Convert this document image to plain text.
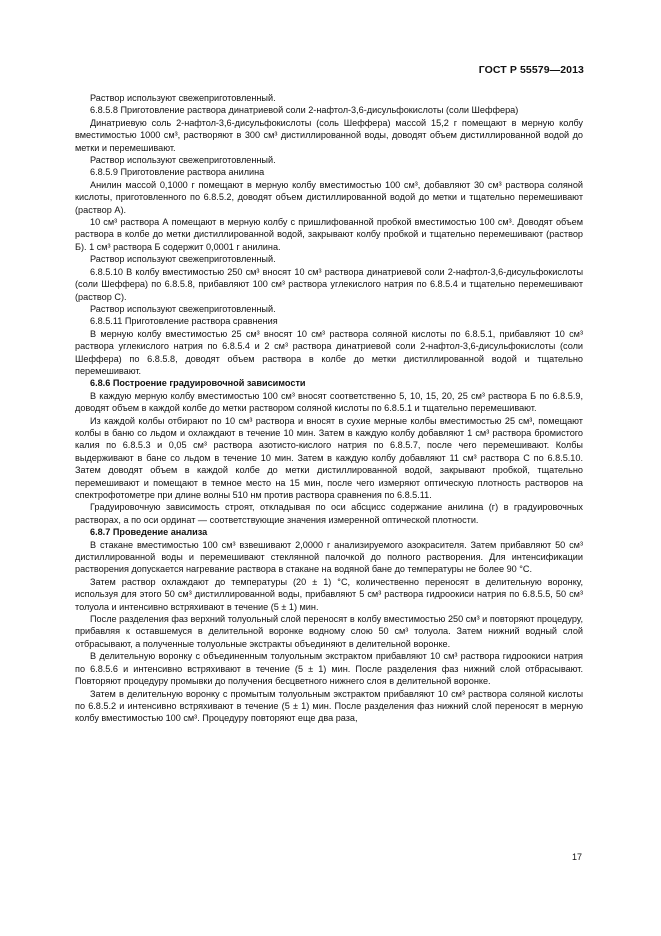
ГОСТ Р 55579—2013

Раствор используют свежеприготовленный.

6.8.5.8 Приготовление раствора динатриевой соли 2-нафтол-3,6-дисульфокислоты (соли Шеффера)

Динатриевую соль 2-нафтол-3,6-дисульфокислоты (соль Шеффера) массой 15,2 г помещают в мерную колбу вместимостью 1000 см³, растворяют в 300 см³ дистиллированной воды, доводят объем дистиллированной водой до метки и перемешивают.

Раствор используют свежеприготовленный.

6.8.5.9 Приготовление раствора анилина

Анилин массой 0,1000 г помещают в мерную колбу вместимостью 100 см³, добавляют 30 см³ раствора соляной кислоты, приготовленного по 6.8.5.2, доводят объем дистиллированной водой до метки и тщательно перемешивают (раствор А).

10 см³ раствора А помещают в мерную колбу с пришлифованной пробкой вместимостью 100 см³. Доводят объем раствора в колбе до метки дистиллированной водой, закрывают колбу пробкой и тщательно перемешивают (раствор Б). 1 см³ раствора Б содержит 0,0001 г анилина.

Раствор используют свежеприготовленный.

6.8.5.10 В колбу вместимостью 250 см³ вносят 10 см³ раствора динатриевой соли 2-нафтол-3,6-дисульфокислоты (соли Шеффера) по 6.8.5.8, прибавляют 100 см³ раствора углекислого натрия по 6.8.5.4 и тщательно перемешивают (раствор С).

Раствор используют свежеприготовленный.

6.8.5.11 Приготовление раствора сравнения

В мерную колбу вместимостью 25 см³ вносят 10 см³ раствора соляной кислоты по 6.8.5.1, прибавляют 10 см³ раствора углекислого натрия по 6.8.5.4 и 2 см³ раствора динатриевой соли 2-нафтол-3,6-дисульфокислоты (соли Шеффера) по 6.8.5.8, доводят объем раствора в колбе до метки дистиллированной водой и тщательно перемешивают.

6.8.6 Построение градуировочной зависимости

В каждую мерную колбу вместимостью 100 см³ вносят соответственно 5, 10, 15, 20, 25 см³ раствора Б по 6.8.5.9, доводят объем в каждой колбе до метки раствором соляной кислоты по 6.8.5.1 и тщательно перемешивают.

Из каждой колбы отбирают по 10 см³ раствора и вносят в сухие мерные колбы вместимостью 25 см³, помещают колбы в баню со льдом и охлаждают в течение 10 мин. Затем в каждую колбу добавляют 1 см³ раствора бромистого калия по 6.8.5.3 и 0,05 см³ раствора азотисто-кислого натрия по 6.8.5.7, после чего перемешивают. Колбы выдерживают в бане со льдом в течение 10 мин. Затем в каждую колбу добавляют 11 см³ раствора С по 6.8.5.10. Затем доводят объем в каждой колбе до метки дистиллированной водой, закрывают пробкой, тщательно перемешивают и помещают в темное место на 15 мин, после чего измеряют оптическую плотность растворов на спектрофотометре при длине волны 510 нм против раствора сравнения по 6.8.5.11.

Градуировочную зависимость строят, откладывая по оси абсцисс содержание анилина (г) в градуировочных растворах, а по оси ординат — соответствующие значения измеренной оптической плотности.

6.8.7 Проведение анализа

В стакане вместимостью 100 см³ взвешивают 2,0000 г анализируемого азокрасителя. Затем прибавляют 50 см³ дистиллированной воды и перемешивают стеклянной палочкой до полного растворения. Для интенсификации растворения допускается нагревание раствора в стакане на водяной бане до температуры не более 90 °С.

Затем раствор охлаждают до температуры (20 ± 1) °С, количественно переносят в делительную воронку, используя для этого 50 см³ дистиллированной воды, прибавляют 5 см³ раствора гидроокиси натрия по 6.8.5.5, 50 см³ толуола и интенсивно встряхивают в течение (5 ± 1) мин.

После разделения фаз верхний толуольный слой переносят в колбу вместимостью 250 см³ и повторяют процедуру, прибавляя к оставшемуся в делительной воронке водному слою 50 см³ толуола. Затем нижний водный слой отбрасывают, а полученные толуольные экстракты объединяют в делительной воронке.

В делительную воронку с объединенным толуольным экстрактом прибавляют 10 см³ раствора гидроокиси натрия по 6.8.5.6 и интенсивно встряхивают в течение (5 ± 1) мин. После разделения фаз нижний слой отбрасывают. Повторяют процедуру промывки до получения бесцветного нижнего слоя в делительной воронке.

Затем в делительную воронку с промытым толуольным экстрактом прибавляют 10 см³ раствора соляной кислоты по 6.8.5.2 и интенсивно встряхивают в течение (5 ± 1) мин. После разделения фаз нижний слой переносят в мерную колбу вместимостью 100 см³. Процедуру повторяют еще два раза,

17
